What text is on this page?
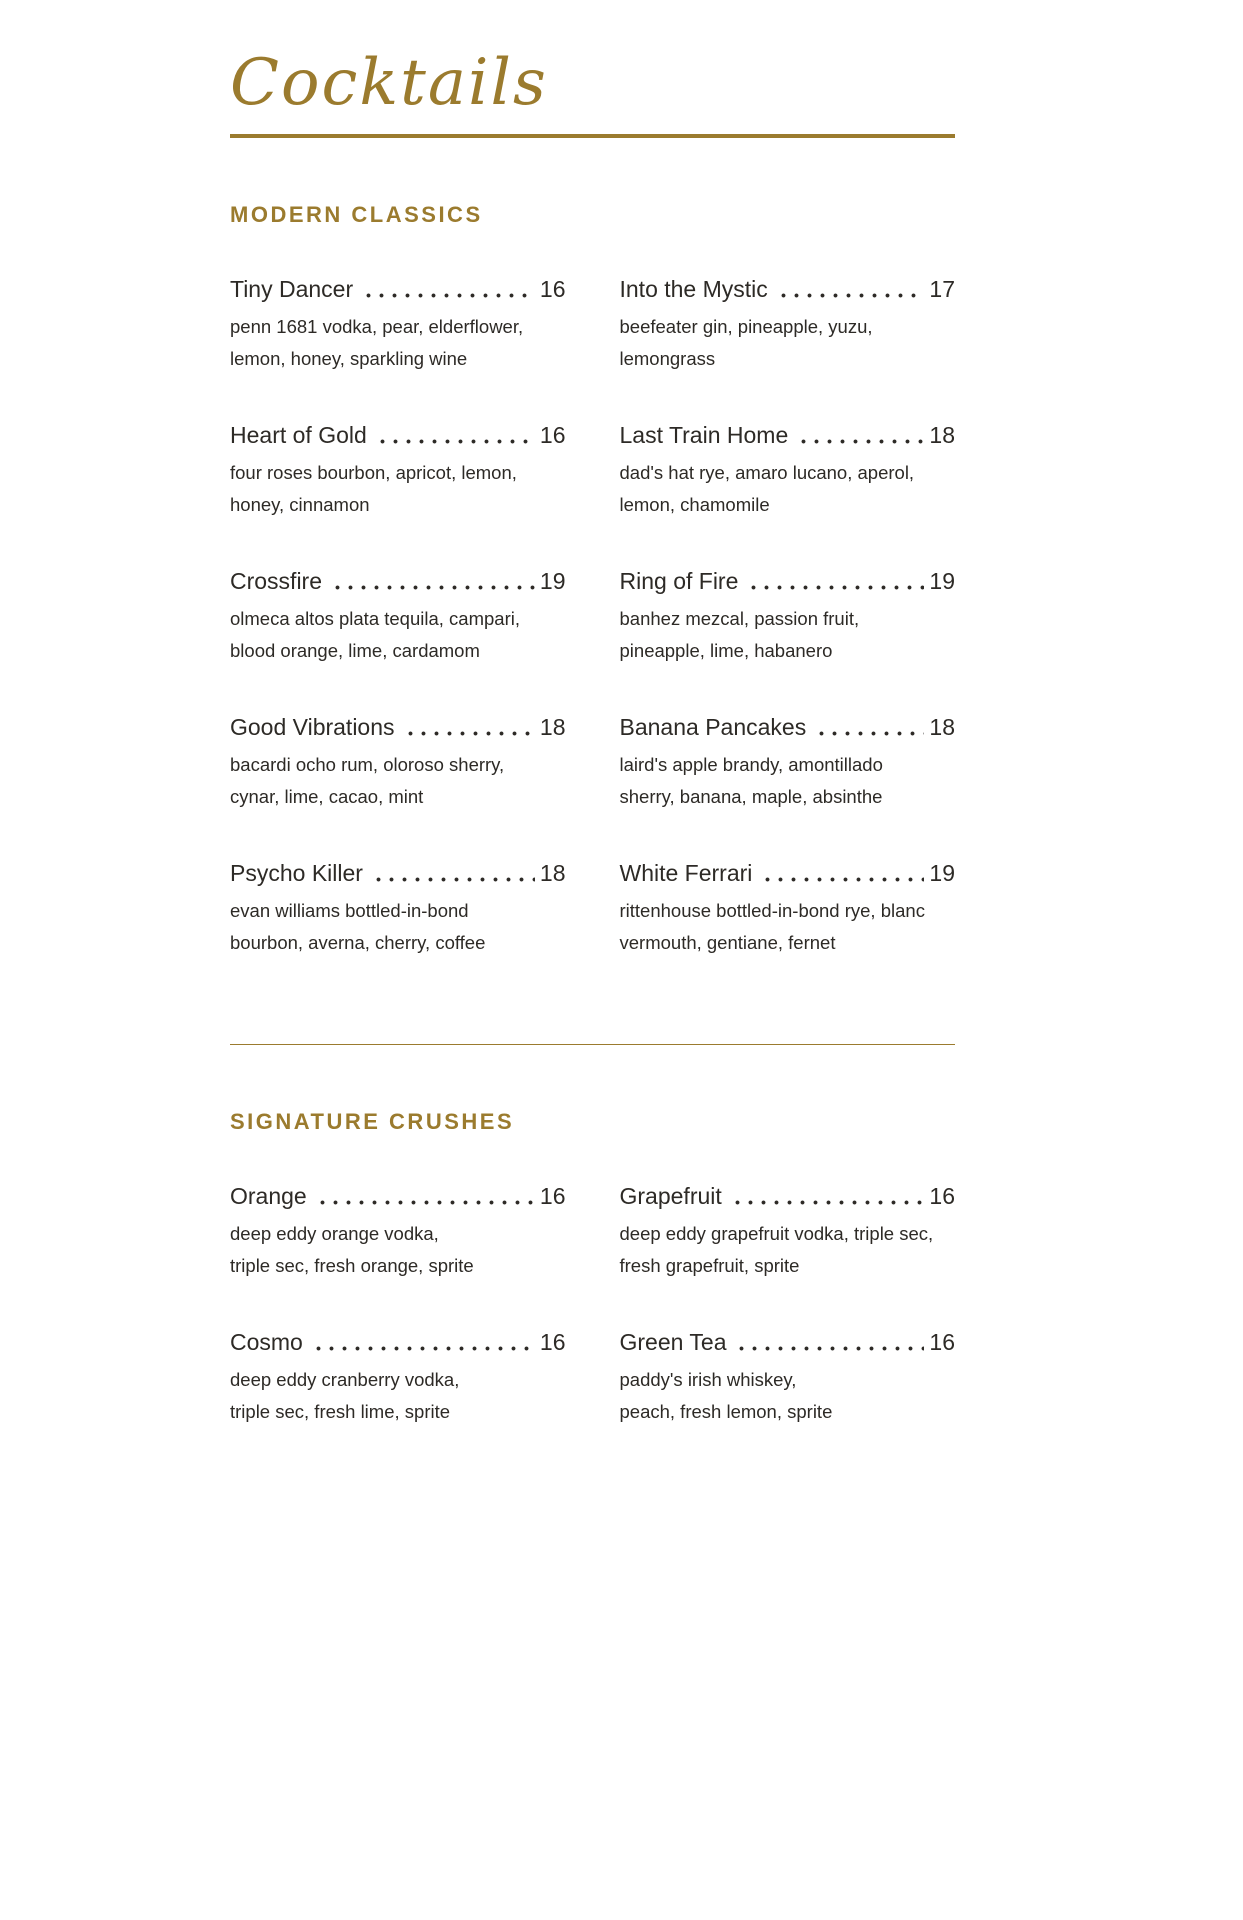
Cocktails
MODERN CLASSICS
Tiny Dancer	16
penn 1681 vodka, pear, elderflower,
lemon, honey, sparkling wine
Heart of Gold	16
four roses bourbon, apricot, lemon,
honey, cinnamon
Crossfire	19
olmeca altos plata tequila, campari,
blood orange, lime, cardamom
Good Vibrations	18
bacardi ocho rum, oloroso sherry,
cynar, lime, cacao, mint
Psycho Killer	18
evan williams bottled-in-bond
bourbon, averna, cherry, coffee
Into the Mystic	17
beefeater gin, pineapple, yuzu,
lemongrass
Last Train Home	18
dad's hat rye, amaro lucano, aperol,
lemon, chamomile
Ring of Fire	19
banhez mezcal, passion fruit,
pineapple, lime, habanero
Banana Pancakes	18
laird's apple brandy, amontillado
sherry, banana, maple, absinthe
White Ferrari	19
rittenhouse bottled-in-bond rye, blanc
vermouth, gentiane, fernet
SIGNATURE CRUSHES
Orange	16
deep eddy orange vodka,
triple sec, fresh orange, sprite
Cosmo	16
deep eddy cranberry vodka,
triple sec, fresh lime, sprite
Grapefruit	16
deep eddy grapefruit vodka, triple sec,
fresh grapefruit, sprite
Green Tea	16
paddy's irish whiskey,
peach, fresh lemon, sprite
